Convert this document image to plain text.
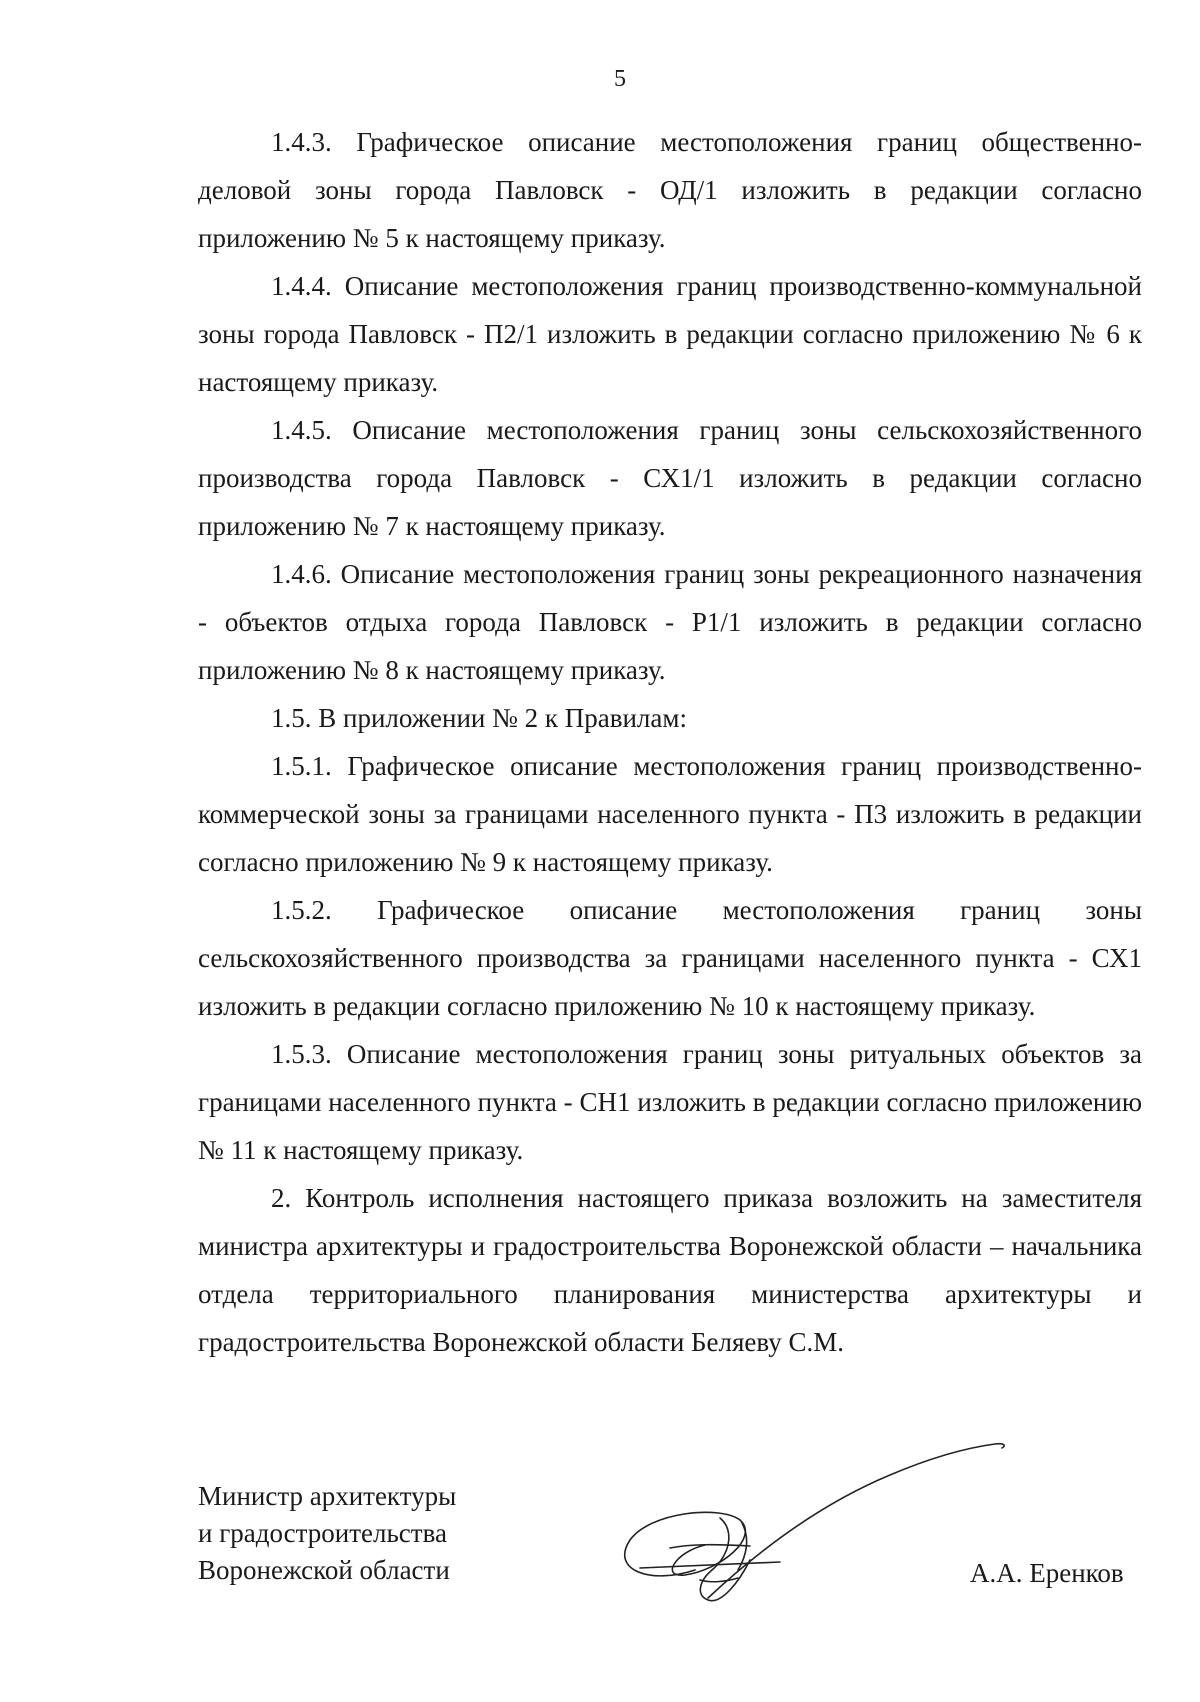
5

1.4.3. Графическое описание местоположения границ общественно-деловой зоны города Павловск - ОД/1 изложить в редакции согласно приложению № 5 к настоящему приказу.

1.4.4. Описание местоположения границ производственно-коммунальной зоны города Павловск - П2/1 изложить в редакции согласно приложению № 6 к настоящему приказу.

1.4.5. Описание местоположения границ зоны сельскохозяйственного производства города Павловск - СХ1/1 изложить в редакции согласно приложению № 7 к настоящему приказу.

1.4.6. Описание местоположения границ зоны рекреационного назначения - объектов отдыха города Павловск - Р1/1 изложить в редакции согласно приложению № 8 к настоящему приказу.

1.5. В приложении № 2 к Правилам:

1.5.1. Графическое описание местоположения границ производственно-коммерческой зоны за границами населенного пункта - П3 изложить в редакции согласно приложению № 9 к настоящему приказу.

1.5.2. Графическое описание местоположения границ зоны сельскохозяйственного производства за границами населенного пункта - СХ1 изложить в редакции согласно приложению № 10 к настоящему приказу.

1.5.3. Описание местоположения границ зоны ритуальных объектов за границами населенного пункта - СН1 изложить в редакции согласно приложению № 11 к настоящему приказу.

2. Контроль исполнения настоящего приказа возложить на заместителя министра архитектуры и градостроительства Воронежской области – начальника отдела территориального планирования министерства архитектуры и градостроительства Воронежской области Беляеву С.М.

Министр архитектуры
и градостроительства
Воронежской области	А.А. Еренков
